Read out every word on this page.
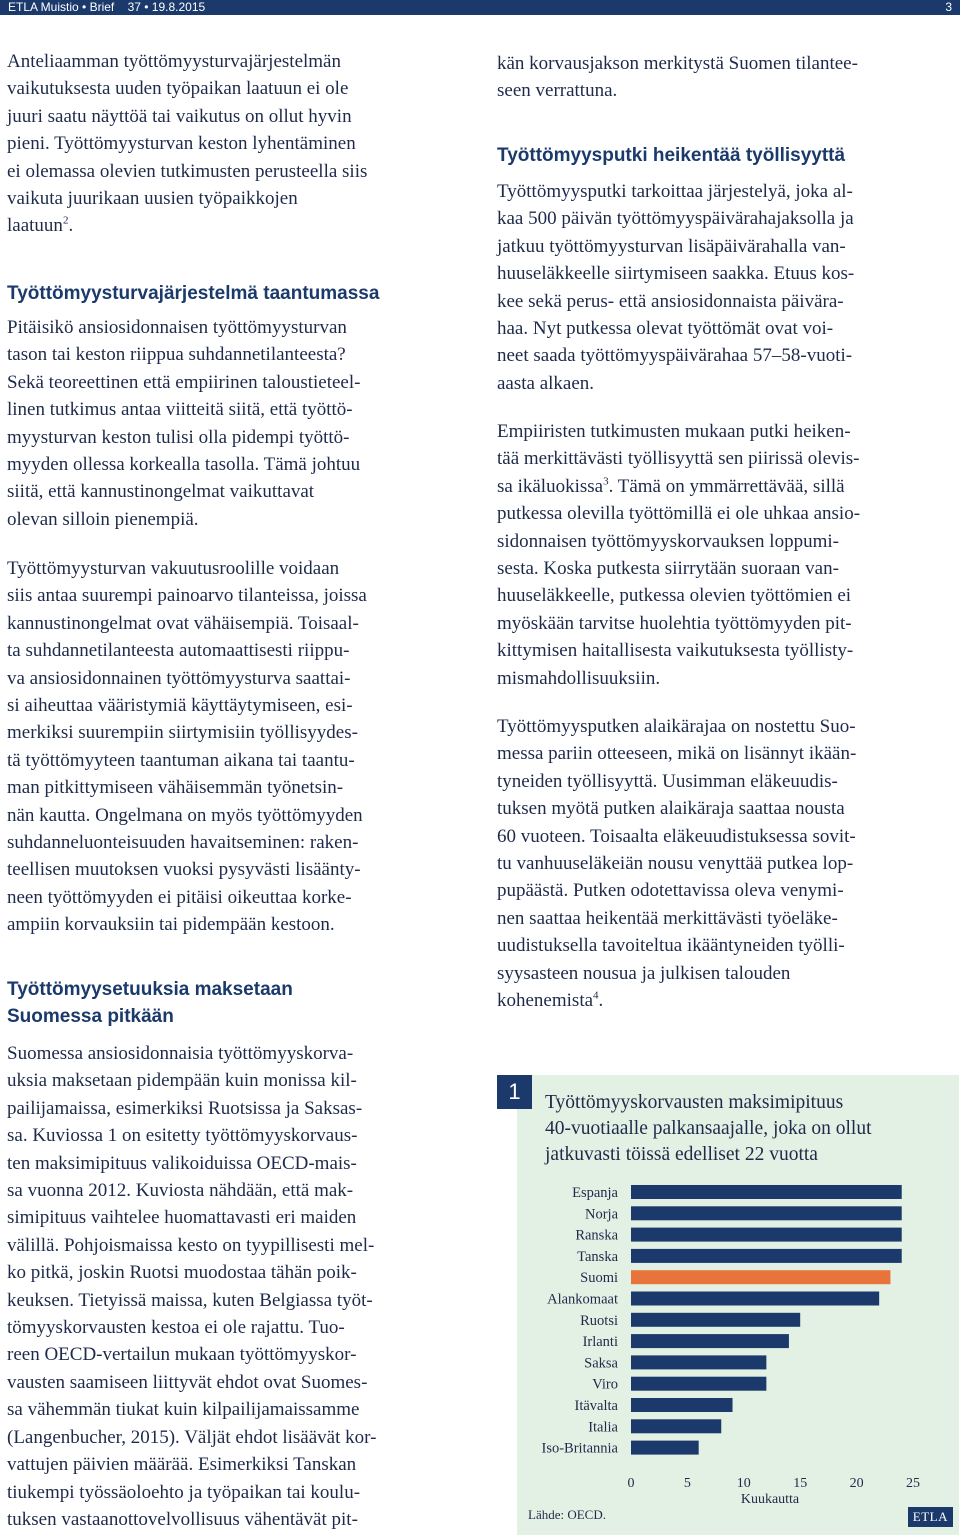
ETLA Muistio • Brief 37 • 19.8.2015	3

Anteliaamman työttömyysturvajärjestelmän
vaikutuksesta uuden työpaikan laatuun ei ole
juuri saatu näyttöä tai vaikutus on ollut hyvin
pieni. Työttömyysturvan keston lyhentäminen
ei olemassa olevien tutkimusten perusteella siis
vaikuta juurikaan uusien työpaikkojen
laatuun$^2$.

Työttömyysturvajärjestelmä taantumassa

Pitäisikö ansiosidonnaisen työttömyysturvan
tason tai keston riippua suhdannetilanteesta?
Sekä teoreettinen että empiirinen taloustieteel-
linen tutkimus antaa viitteitä siitä, että työttö-
myysturvan keston tulisi olla pidempi työttö-
myyden ollessa korkealla tasolla. Tämä johtuu
siitä, että kannustinongelmat vaikuttavat
olevan silloin pienempiä.

Työttömyysturvan vakuutusroolille voidaan
siis antaa suurempi painoarvo tilanteissa, joissa
kannustinongelmat ovat vähäisempiä. Toisaal-
ta suhdannetilanteesta automaattisesti riippu-
va ansiosidonnainen työttömyysturva saattai-
si aiheuttaa vääristymiä käyttäytymiseen, esi-
merkiksi suurempiin siirtymisiin työllisyydes-
tä työttömyyteen taantuman aikana tai taantu-
man pitkittymiseen vähäisemmän työnetsin-
nän kautta. Ongelmana on myös työttömyyden
suhdanneluonteisuuden havaitseminen: raken-
teellisen muutoksen vuoksi pysyvästi lisäänty-
neen työttömyyden ei pitäisi oikeuttaa korke-
ampiin korvauksiin tai pidempään kestoon.

Työttömyysetuuksia maksetaan
Suomessa pitkään

Suomessa ansiosidonnaisia työttömyyskorva-
uksia maksetaan pidempään kuin monissa kil-
pailijamaissa, esimerkiksi Ruotsissa ja Saksas-
sa. Kuviossa 1 on esitetty työttömyyskorvaus-
ten maksimipituus valikoiduissa OECD-mais-
sa vuonna 2012. Kuviosta nähdään, että mak-
simipituus vaihtelee huomattavasti eri maiden
välillä. Pohjoismaissa kesto on tyypillisesti mel-
ko pitkä, joskin Ruotsi muodostaa tähän poik-
keuksen. Tietyissä maissa, kuten Belgiassa työt-
tömyyskorvausten kestoa ei ole rajattu. Tuo-
reen OECD-vertailun mukaan työttömyyskor-
vausten saamiseen liittyvät ehdot ovat Suomes-
sa vähemmän tiukat kuin kilpailijamaissamme
(Langenbucher, 2015). Väljät ehdot lisäävät kor-
vattujen päivien määrää. Esimerkiksi Tanskan
tiukempi työssäoloehto ja työpaikan tai koulu-
tuksen vastaanottovelvollisuus vähentävät pit-

kän korvausjakson merkitystä Suomen tilantee-
seen verrattuna.

Työttömyysputki heikentää työllisyyttä

Työttömyysputki tarkoittaa järjestelyä, joka al-
kaa 500 päivän työttömyyspäivärahajaksolla ja
jatkuu työttömyysturvan lisäpäivärahalla van-
huuseläkkeelle siirtymiseen saakka. Etuus kos-
kee sekä perus- että ansiosidonnaista päivära-
haa. Nyt putkessa olevat työttömät ovat voi-
neet saada työttömyyspäivärahaa 57–58-vuoti-
aasta alkaen.

Empiiristen tutkimusten mukaan putki heiken-
tää merkittävästi työllisyyttä sen piirissä olevis-
sa ikäluokissa$^3$. Tämä on ymmärrettävää, sillä
putkessa olevilla työttömillä ei ole uhkaa ansio-
sidonnaisen työttömyyskorvauksen loppumi-
sesta. Koska putkesta siirrytään suoraan van-
huuseläkkeelle, putkessa olevien työttömien ei
myöskään tarvitse huolehtia työttömyyden pit-
kittymisen haitallisesta vaikutuksesta työllisty-
mismahdollisuuksiin.

Työttömyysputken alaikärajaa on nostettu Suo-
messa pariin otteeseen, mikä on lisännyt ikään-
tyneiden työllisyyttä. Uusimman eläkeuudis-
tuksen myötä putken alaikäraja saattaa nousta
60 vuoteen. Toisaalta eläkeuudistuksessa sovit-
tu vanhuuseläkeiän nousu venyttää putkea lop-
pupäästä. Putken odotettavissa oleva venymi-
nen saattaa heikentää merkittävästi työeläke-
uudistuksella tavoiteltua ikääntyneiden työlli-
syysasteen nousua ja julkisen talouden
kohenemista$^4$.

1	Työttömyyskorvausten maksimipituus
40-vuotiaalle palkansaajalle, joka on ollut
jatkuvasti töissä edelliset 22 vuotta
Espanja
Norja
Ranska
Tanska
Suomi
Alankomaat
Ruotsi
Irlanti
Saksa
Viro
Itävalta
Italia
Iso-Britannia
0	5	10	15	20	25
Kuukautta
Lähde: OECD.	ETLA
